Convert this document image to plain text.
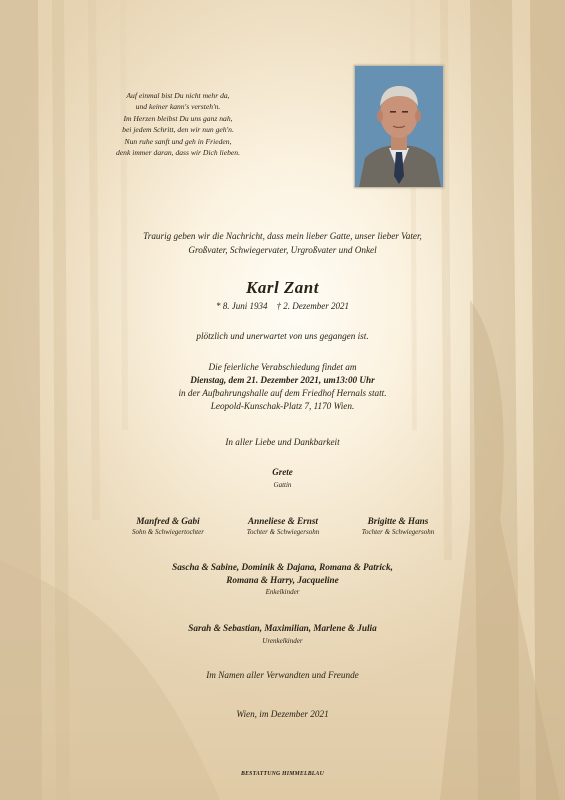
Auf einmal bist Du nicht mehr da,
und keiner kann's versteh'n.
Im Herzen bleibst Du uns ganz nah,
bei jedem Schritt, den wir nun geh'n.
Nun ruhe sanft und geh in Frieden,
denk immer daran, dass wir Dich lieben.
Traurig geben wir die Nachricht, dass mein lieber Gatte, unser lieber Vater,
Großvater, Schwiegervater, Urgroßvater und Onkel
Karl Zant
* 8. Juni 1934    † 2. Dezember 2021
plötzlich und unerwartet von uns gegangen ist.
Die feierliche Verabschiedung findet am
Dienstag, dem 21. Dezember 2021, um13:00 Uhr
in der Aufbahrungshalle auf dem Friedhof Hernals statt.
Leopold-Kunschak-Platz 7, 1170 Wien.
In aller Liebe und Dankbarkeit
Grete
Gattin
Manfred & Gabi
Sohn & Schwiegertochter
Anneliese & Ernst
Tochter & Schwiegersohn
Brigitte & Hans
Tochter & Schwiegersohn
Sascha & Sabine, Dominik & Dajana, Romana & Patrick,
Romana & Harry, Jacqueline
Enkelkinder
Sarah & Sebastian, Maximilian, Marlene & Julia
Urenkelkinder
Im Namen aller Verwandten und Freunde
Wien, im Dezember 2021
BESTATTUNG HIMMELBLAU
